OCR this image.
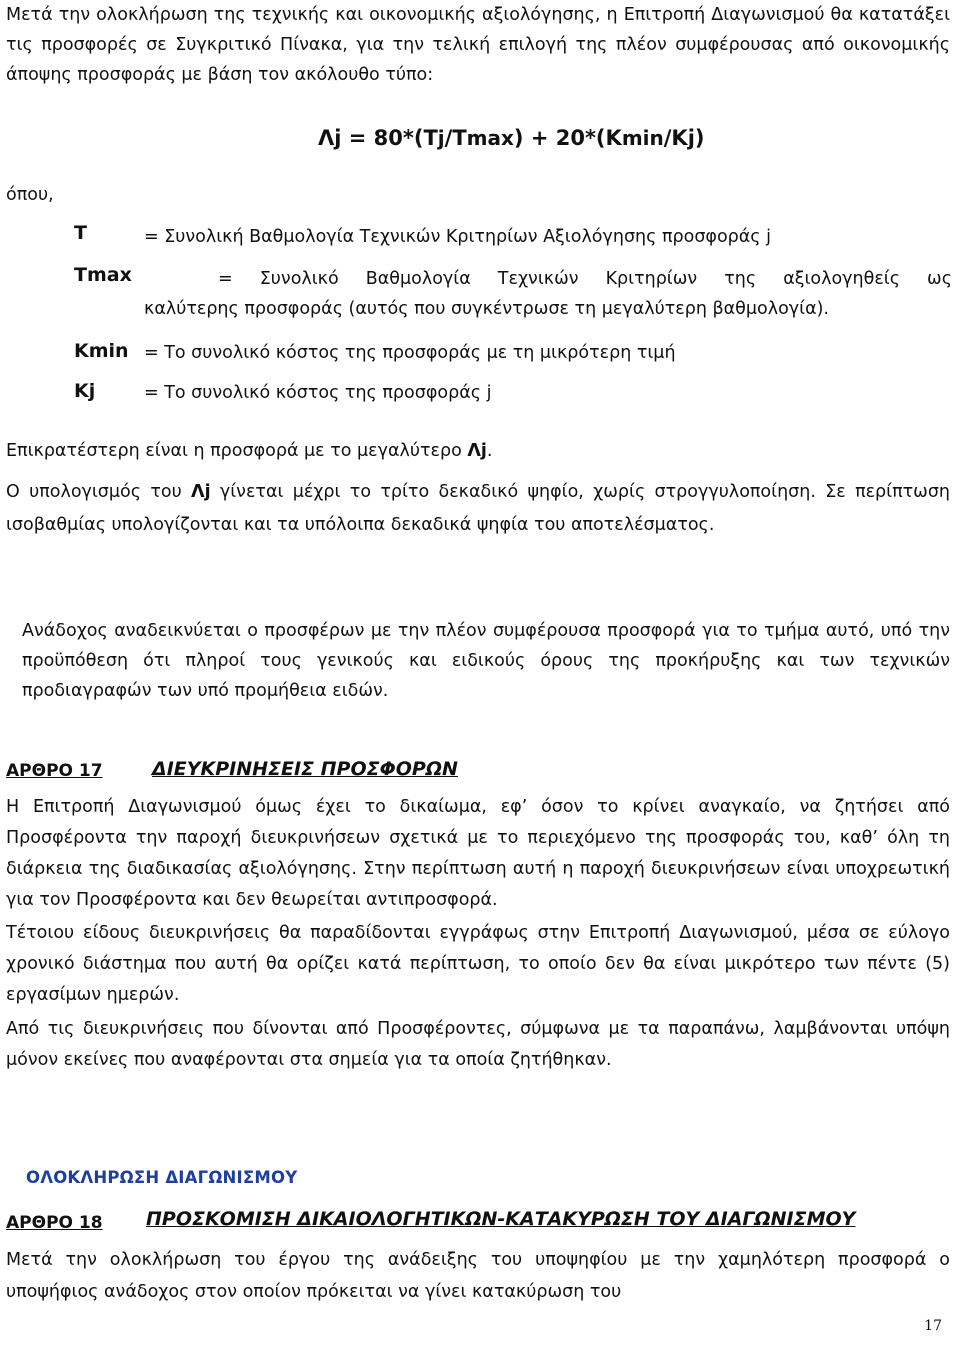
Μετά την ολοκλήρωση της τεχνικής και οικονομικής αξιολόγησης, η Επιτροπή Διαγωνισμού θα κατατάξει τις προσφορές σε Συγκριτικό Πίνακα, για την τελική επιλογή της πλέον συμφέρουσας από οικονομικής άποψης προσφοράς με βάση τον ακόλουθο τύπο:

Λj = 80*(Tj/Tmax) + 20*(Kmin/Kj)
όπου,
T	= Συνολική Βαθμολογία Τεχνικών Κριτηρίων Αξιολόγησης προσφοράς j
Tmax	= Συνολικό Βαθμολογία Τεχνικών Κριτηρίων της αξιολογηθείς ως
καλύτερης προσφοράς (αυτός που συγκέντρωσε τη μεγαλύτερη βαθμολογία).
Kmin = Το συνολικό κόστος της προσφοράς με τη μικρότερη τιμή
Kj	= Το συνολικό κόστος της προσφοράς j

Επικρατέστερη είναι η προσφορά με το μεγαλύτερο Λj.

Ο υπολογισμός του Λj γίνεται μέχρι το τρίτο δεκαδικό ψηφίο, χωρίς στρογγυλοποίηση. Σε περίπτωση ισοβαθμίας υπολογίζονται και τα υπόλοιπα δεκαδικά ψηφία του αποτελέσματος.

Ανάδοχος αναδεικνύεται ο προσφέρων με την πλέον συμφέρουσα προσφορά για το τμήμα αυτό, υπό την προϋπόθεση ότι πληροί τους γενικούς και ειδικούς όρους της προκήρυξης και των τεχνικών προδιαγραφών των υπό προμήθεια ειδών.

ΑΡΘΡΟ 17	ΔΙΕΥΚΡΙΝΗΣΕΙΣ ΠΡΟΣΦΟΡΩΝ

Η Επιτροπή Διαγωνισμού όμως έχει το δικαίωμα, εφ’ όσον το κρίνει αναγκαίο, να ζητήσει από Προσφέροντα την παροχή διευκρινήσεων σχετικά με το περιεχόμενο της προσφοράς του, καθ’ όλη τη διάρκεια της διαδικασίας αξιολόγησης. Στην περίπτωση αυτή η παροχή διευκρινήσεων είναι υποχρεωτική για τον Προσφέροντα και δεν θεωρείται αντιπροσφορά.

Τέτοιου είδους διευκρινήσεις θα παραδίδονται εγγράφως στην Επιτροπή Διαγωνισμού, μέσα σε εύλογο χρονικό διάστημα που αυτή θα ορίζει κατά περίπτωση, το οποίο δεν θα είναι μικρότερο των πέντε (5) εργασίμων ημερών.

Από τις διευκρινήσεις που δίνονται από Προσφέροντες, σύμφωνα με τα παραπάνω, λαμβάνονται υπόψη μόνον εκείνες που αναφέρονται στα σημεία για τα οποία ζητήθηκαν.

ΟΛΟΚΛΗΡΩΣΗ ΔΙΑΓΩΝΙΣΜΟΥ
ΑΡΘΡΟ 18 ΠΡΟΣΚΟΜΙΣΗ ΔΙΚΑΙΟΛΟΓΗΤΙΚΩΝ-ΚΑΤΑΚΥΡΩΣΗ ΤΟΥ ΔΙΑΓΩΝΙΣΜΟΥ

Μετά την ολοκλήρωση του έργου της ανάδειξης του υποψηφίου με την χαμηλότερη προσφορά ο υποψήφιος ανάδοχος στον οποίον πρόκειται να γίνει κατακύρωση του

17
